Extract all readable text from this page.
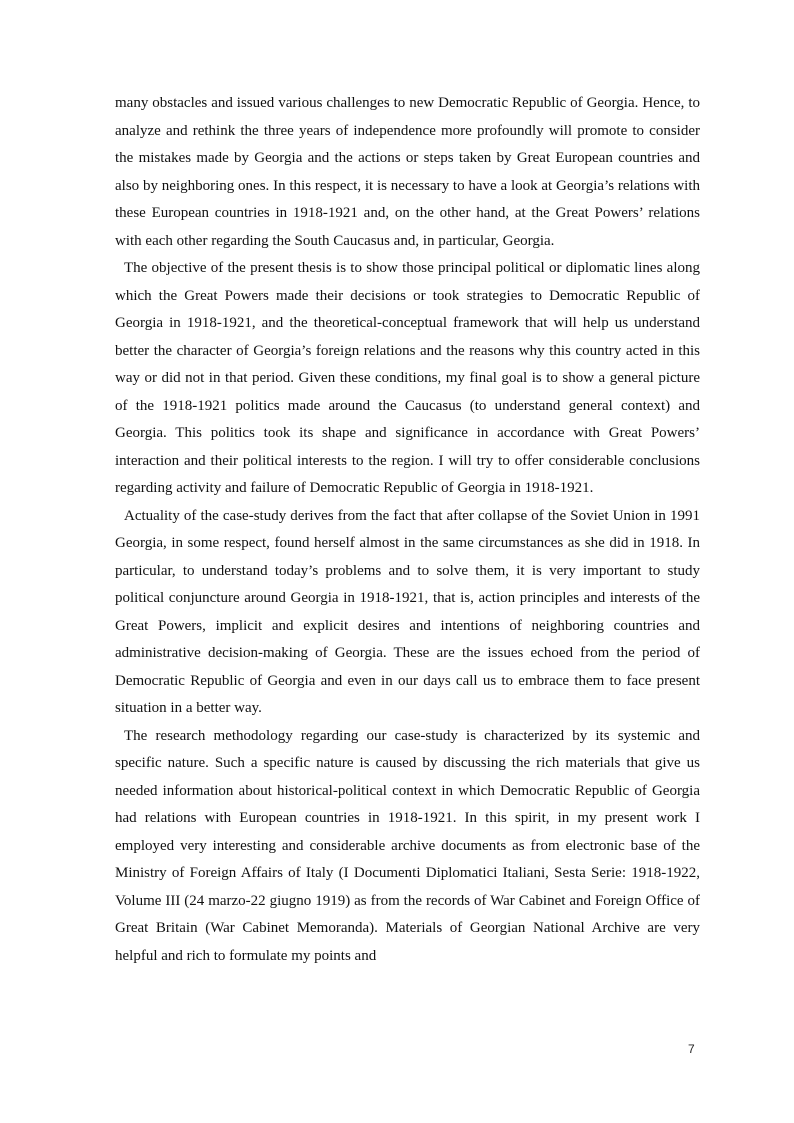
many obstacles and issued various challenges to new Democratic Republic of Georgia. Hence, to analyze and rethink the three years of independence more profoundly will promote to consider the mistakes made by Georgia and the actions or steps taken by Great European countries and also by neighboring ones. In this respect, it is necessary to have a look at Georgia’s relations with these European countries in 1918-1921 and, on the other hand, at the Great Powers’ relations with each other regarding the South Caucasus and, in particular, Georgia.

The objective of the present thesis is to show those principal political or diplomatic lines along which the Great Powers made their decisions or took strategies to Democratic Republic of Georgia in 1918-1921, and the theoretical-conceptual framework that will help us understand better the character of Georgia’s foreign relations and the reasons why this country acted in this way or did not in that period. Given these conditions, my final goal is to show a general picture of the 1918-1921 politics made around the Caucasus (to understand general context) and Georgia. This politics took its shape and significance in accordance with Great Powers’ interaction and their political interests to the region. I will try to offer considerable conclusions regarding activity and failure of Democratic Republic of Georgia in 1918-1921.

Actuality of the case-study derives from the fact that after collapse of the Soviet Union in 1991 Georgia, in some respect, found herself almost in the same circumstances as she did in 1918. In particular, to understand today’s problems and to solve them, it is very important to study political conjuncture around Georgia in 1918-1921, that is, action principles and interests of the Great Powers, implicit and explicit desires and intentions of neighboring countries and administrative decision-making of Georgia. These are the issues echoed from the period of Democratic Republic of Georgia and even in our days call us to embrace them to face present situation in a better way.

The research methodology regarding our case-study is characterized by its systemic and specific nature. Such a specific nature is caused by discussing the rich materials that give us needed information about historical-political context in which Democratic Republic of Georgia had relations with European countries in 1918-1921. In this spirit, in my present work I employed very interesting and considerable archive documents as from electronic base of the Ministry of Foreign Affairs of Italy (I Documenti Diplomatici Italiani, Sesta Serie: 1918-1922, Volume III (24 marzo-22 giugno 1919) as from the records of War Cabinet and Foreign Office of Great Britain (War Cabinet Memoranda). Materials of Georgian National Archive are very helpful and rich to formulate my points and

7
